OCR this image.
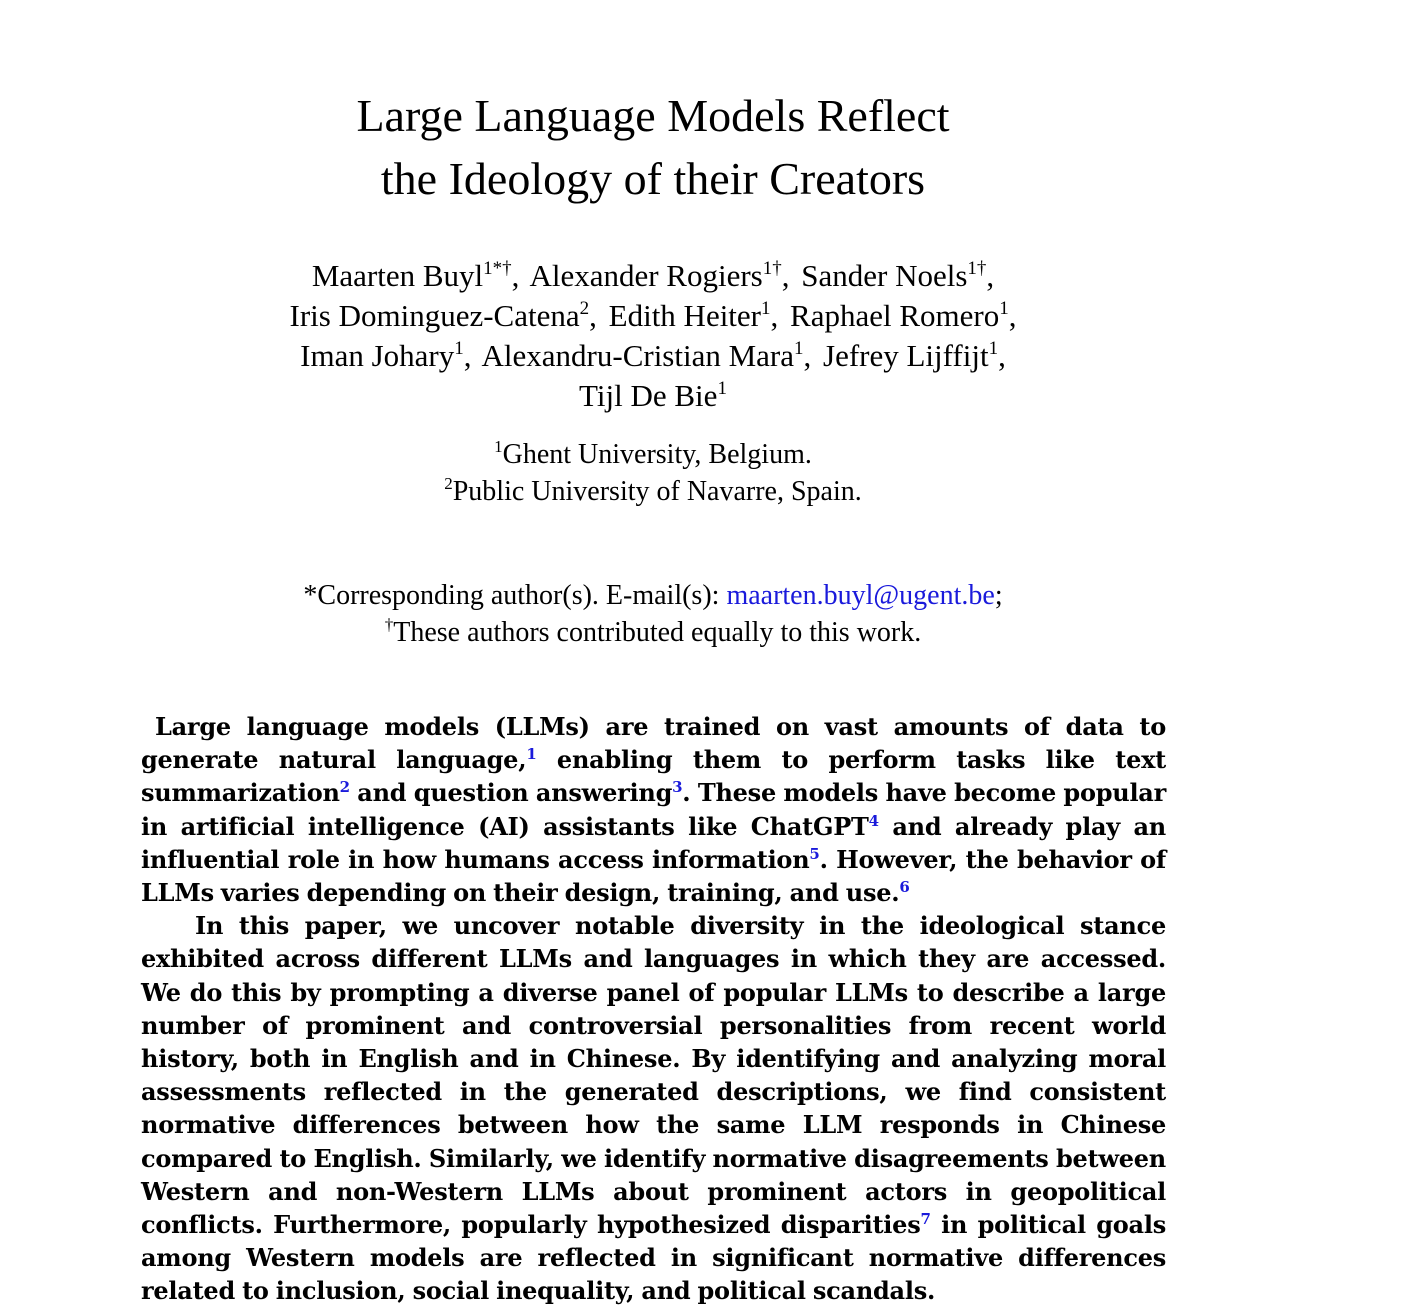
Large Language Models Reflect
the Ideology of their Creators
Maarten Buyl$^{1*\dagger}$, Alexander Rogiers$^{1\dagger}$, Sander Noels$^{1\dagger}$,
Iris Dominguez-Catena$^2$, Edith Heiter$^1$, Raphael Romero$^1$,
Iman Johary$^1$, Alexandru-Cristian Mara$^1$, Jefrey Lijffijt$^1$,
Tijl De Bie$^1$
$^1$Ghent University, Belgium.
$^2$Public University of Navarre, Spain.
*Corresponding author(s). E-mail(s): maarten.buyl@ugent.be;
†These authors contributed equally to this work.

Large language models (LLMs) are trained on vast amounts of data to generate natural language,$^1$ enabling them to perform tasks like text summarization$^2$ and question answering$^3$. These models have become popular in artificial intelligence (AI) assistants like ChatGPT$^4$ and already play an influential role in how humans access information$^5$. However, the behavior of LLMs varies depending on their design, training, and use.$^6$

In this paper, we uncover notable diversity in the ideological stance exhibited across different LLMs and languages in which they are accessed. We do this by prompting a diverse panel of popular LLMs to describe a large number of prominent and controversial personalities from recent world history, both in English and in Chinese. By identifying and analyzing moral assessments reflected in the generated descriptions, we find consistent normative differences between how the same LLM responds in Chinese compared to English. Similarly, we identify normative disagreements between Western and non-Western LLMs about prominent actors in geopolitical conflicts. Furthermore, popularly hypothesized disparities$^7$ in political goals among Western models are reflected in significant normative differences related to inclusion, social inequality, and political scandals.
